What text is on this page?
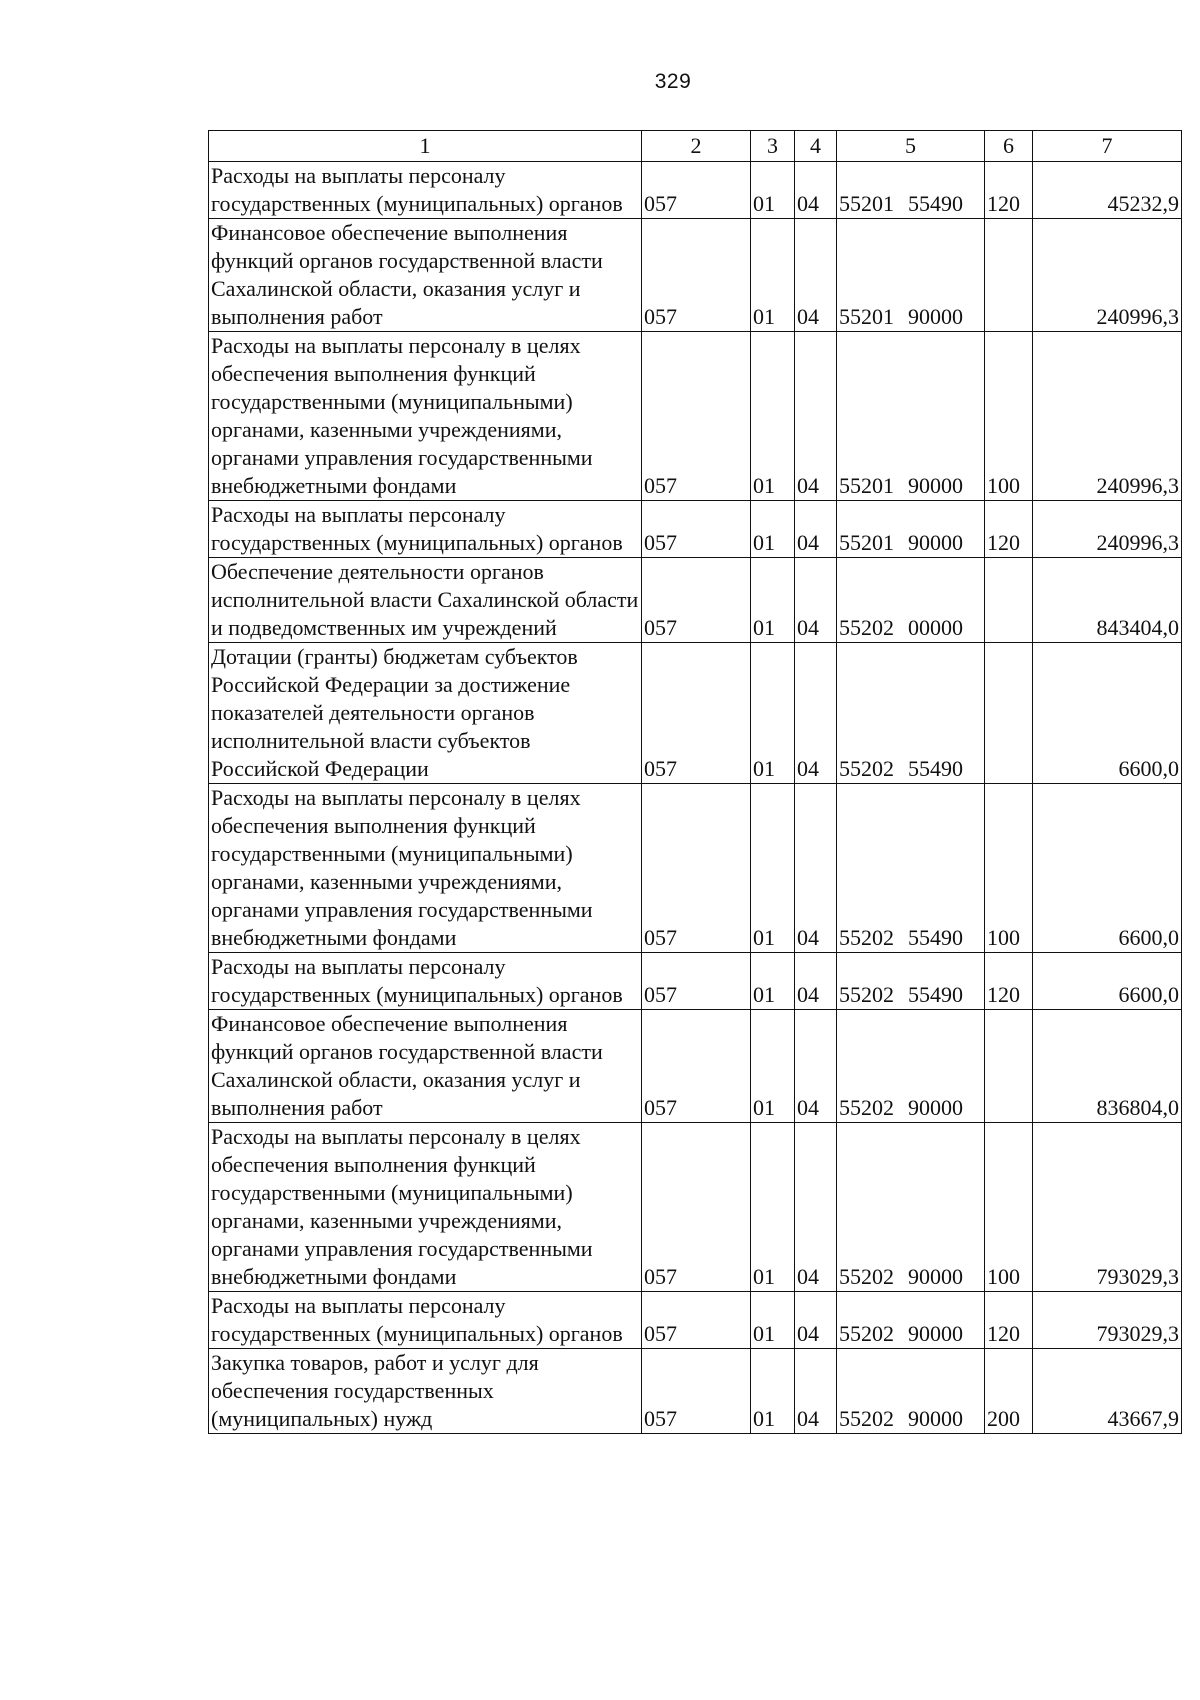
329
1	2	3	4	5	6	7
Расходы на выплаты персоналу государственных (муниципальных) органов	057	01	04	55201 55490	120	45232,9
Финансовое обеспечение выполнения функций органов государственной власти Сахалинской области, оказания услуг и выполнения работ	057	01	04	55201 90000		240996,3
Расходы на выплаты персоналу в целях обеспечения выполнения функций государственными (муниципальными) органами, казенными учреждениями, органами управления государственными внебюджетными фондами	057	01	04	55201 90000	100	240996,3
Расходы на выплаты персоналу государственных (муниципальных) органов	057	01	04	55201 90000	120	240996,3
Обеспечение деятельности органов исполнительной власти Сахалинской области и подведомственных им учреждений	057	01	04	55202 00000		843404,0
Дотации (гранты) бюджетам субъектов Российской Федерации за достижение показателей деятельности органов исполнительной власти субъектов Российской Федерации	057	01	04	55202 55490		6600,0
Расходы на выплаты персоналу в целях обеспечения выполнения функций государственными (муниципальными) органами, казенными учреждениями, органами управления государственными внебюджетными фондами	057	01	04	55202 55490	100	6600,0
Расходы на выплаты персоналу государственных (муниципальных) органов	057	01	04	55202 55490	120	6600,0
Финансовое обеспечение выполнения функций органов государственной власти Сахалинской области, оказания услуг и выполнения работ	057	01	04	55202 90000		836804,0
Расходы на выплаты персоналу в целях обеспечения выполнения функций государственными (муниципальными) органами, казенными учреждениями, органами управления государственными внебюджетными фондами	057	01	04	55202 90000	100	793029,3
Расходы на выплаты персоналу государственных (муниципальных) органов	057	01	04	55202 90000	120	793029,3
Закупка товаров, работ и услуг для обеспечения государственных (муниципальных) нужд	057	01	04	55202 90000	200	43667,9
